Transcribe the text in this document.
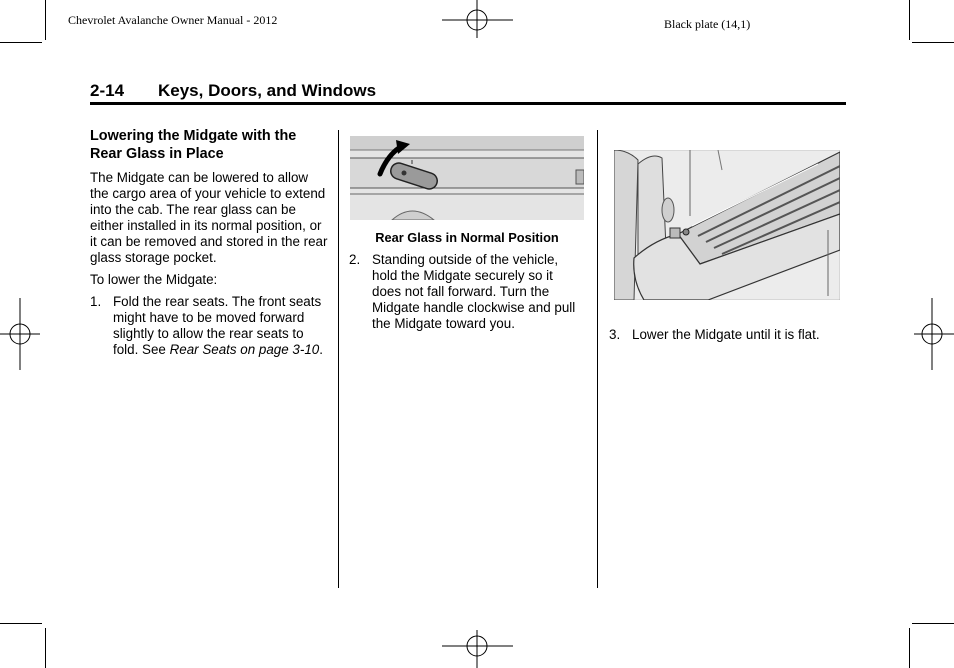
Chevrolet Avalanche Owner Manual - 2012	Black plate (14,1)
2-14 Keys, Doors, and Windows
Lowering the Midgate with the Rear Glass in Place

The Midgate can be lowered to allow the cargo area of your vehicle to extend into the cab. The rear glass can be either installed in its normal position, or it can be removed and stored in the rear glass storage pocket.

To lower the Midgate:

1. Fold the rear seats. The front seats might have to be moved forward slightly to allow the rear seats to fold. See Rear Seats on page 3-10.
Rear Glass in Normal Position
2. Standing outside of the vehicle, hold the Midgate securely so it does not fall forward. Turn the Midgate handle clockwise and pull the Midgate toward you.
3. Lower the Midgate until it is flat.
